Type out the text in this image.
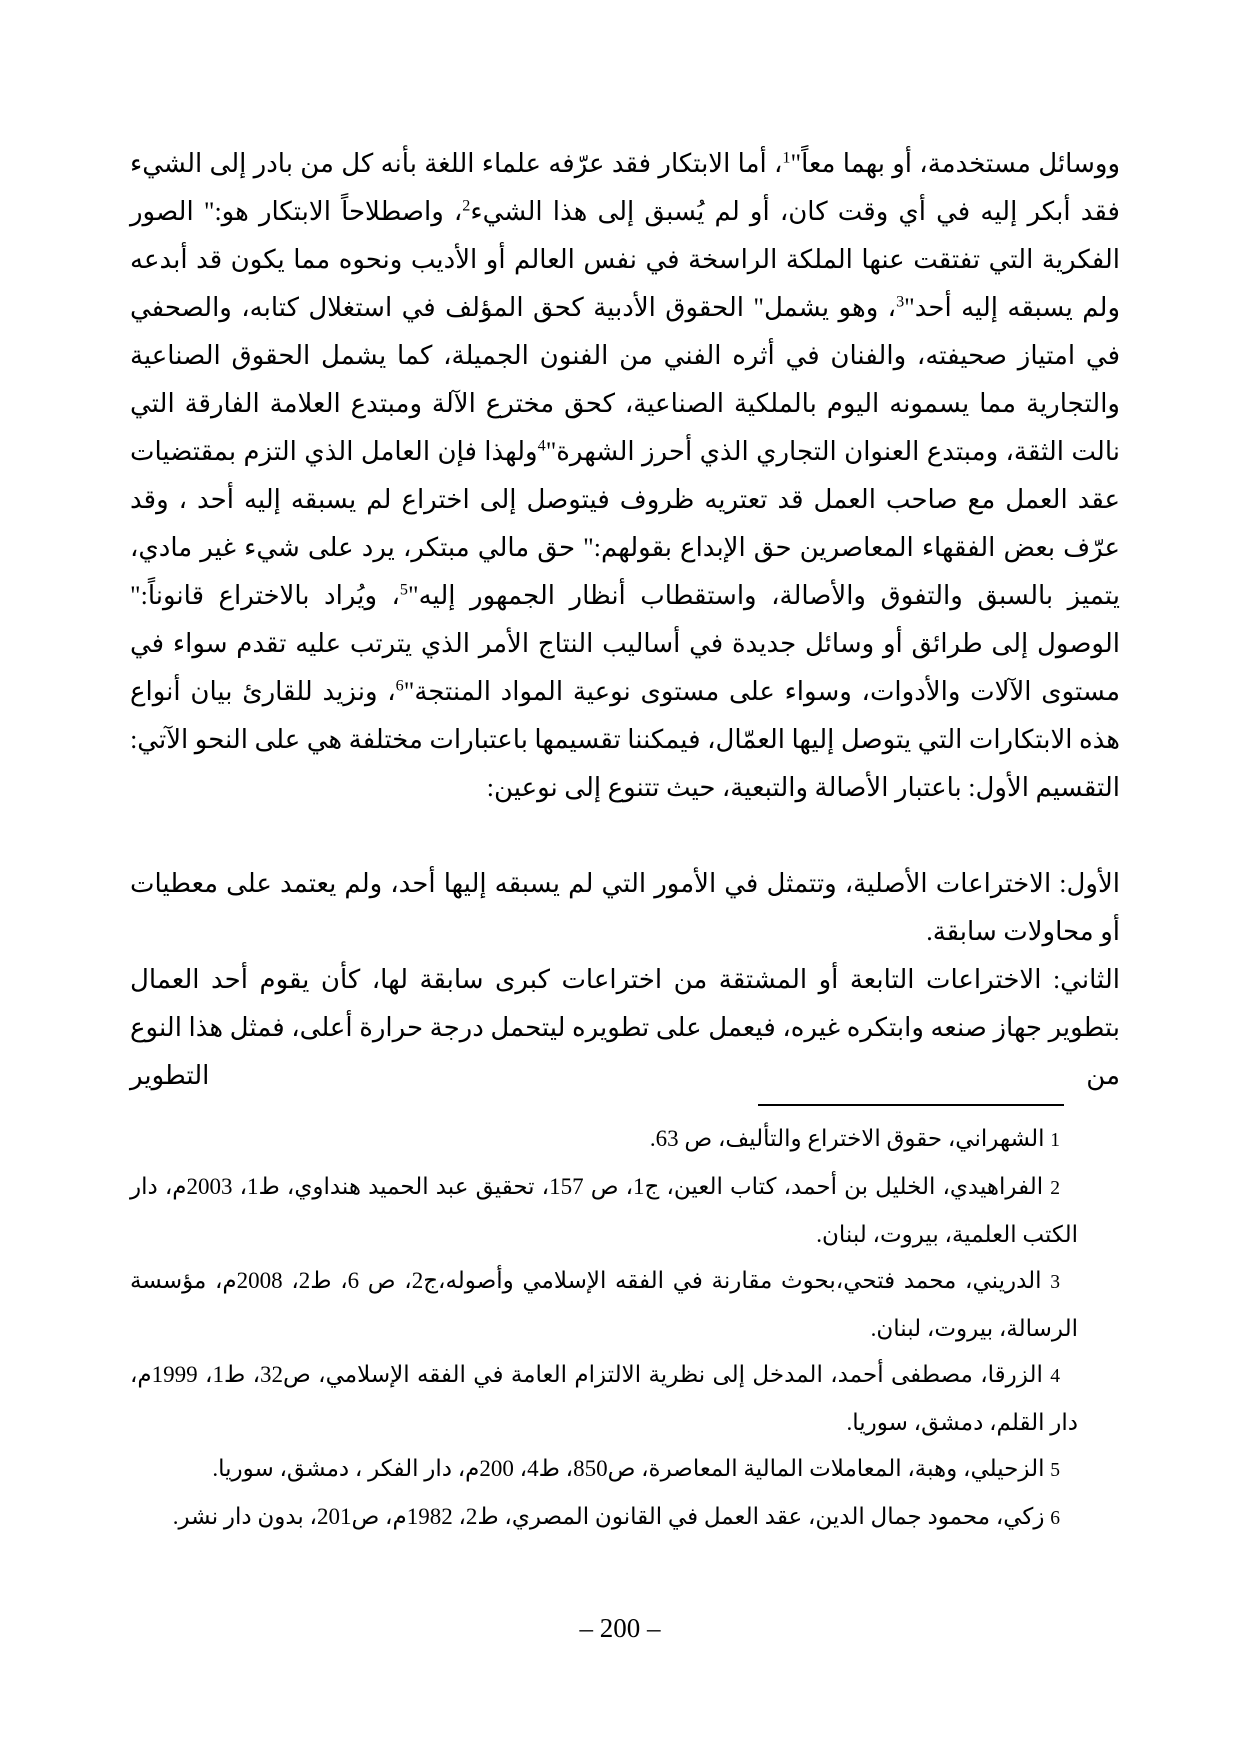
ووسائل مستخدمة، أو بهما معاً"$^1$، أما الابتكار فقد عرّفه علماء اللغة بأنه كل من بادر إلى الشيء فقد أبكر إليه في أي وقت كان، أو لم يُسبق إلى هذا الشيء$^2$، واصطلاحاً الابتكار هو:" الصور الفكرية التي تفتقت عنها الملكة الراسخة في نفس العالم أو الأديب ونحوه مما يكون قد أبدعه ولم يسبقه إليه أحد"$^3$، وهو يشمل" الحقوق الأدبية كحق المؤلف في استغلال كتابه، والصحفي في امتياز صحيفته، والفنان في أثره الفني من الفنون الجميلة، كما يشمل الحقوق الصناعية والتجارية مما يسمونه اليوم بالملكية الصناعية، كحق مخترع الآلة ومبتدع العلامة الفارقة التي نالت الثقة، ومبتدع العنوان التجاري الذي أحرز الشهرة"$^4$ولهذا فإن العامل الذي التزم بمقتضيات عقد العمل مع صاحب العمل قد تعتريه ظروف فيتوصل إلى اختراع لم يسبقه إليه أحد ، وقد عرّف بعض الفقهاء المعاصرين حق الإبداع بقولهم:" حق مالي مبتكر، يرد على شيء غير مادي، يتميز بالسبق والتفوق والأصالة، واستقطاب أنظار الجمهور إليه"$^5$، ويُراد بالاختراع قانوناً:" الوصول إلى طرائق أو وسائل جديدة في أساليب النتاج الأمر الذي يترتب عليه تقدم سواء في مستوى الآلات والأدوات، وسواء على مستوى نوعية المواد المنتجة"$^6$، ونزيد للقارئ بيان أنواع هذه الابتكارات التي يتوصل إليها العمّال، فيمكننا تقسيمها باعتبارات مختلفة هي على النحو الآتي:

التقسيم الأول: باعتبار الأصالة والتبعية، حيث تتنوع إلى نوعين:

الأول: الاختراعات الأصلية، وتتمثل في الأمور التي لم يسبقه إليها أحد، ولم يعتمد على معطيات أو محاولات سابقة.

الثاني: الاختراعات التابعة أو المشتقة من اختراعات كبرى سابقة لها، كأن يقوم أحد العمال بتطوير جهاز صنعه وابتكره غيره، فيعمل على تطويره ليتحمل درجة حرارة أعلى، فمثل هذا النوع من التطوير

1 الشهراني، حقوق الاختراع والتأليف، ص 63.

2 الفراهيدي، الخليل بن أحمد، كتاب العين، ج1، ص 157، تحقيق عبد الحميد هنداوي، ط1، 2003م، دار الكتب العلمية، بيروت، لبنان.

3 الدريني، محمد فتحي،بحوث مقارنة في الفقه الإسلامي وأصوله،ج2، ص 6، ط2، 2008م، مؤسسة الرسالة، بيروت، لبنان.

4 الزرقا، مصطفى أحمد، المدخل إلى نظرية الالتزام العامة في الفقه الإسلامي، ص32، ط1، 1999م، دار القلم، دمشق، سوريا.

5 الزحيلي، وهبة، المعاملات المالية المعاصرة، ص850، ط4، 200م، دار الفكر ، دمشق، سوريا.

6 زكي، محمود جمال الدين، عقد العمل في القانون المصري، ط2، 1982م، ص201، بدون دار نشر.

– 200 –
